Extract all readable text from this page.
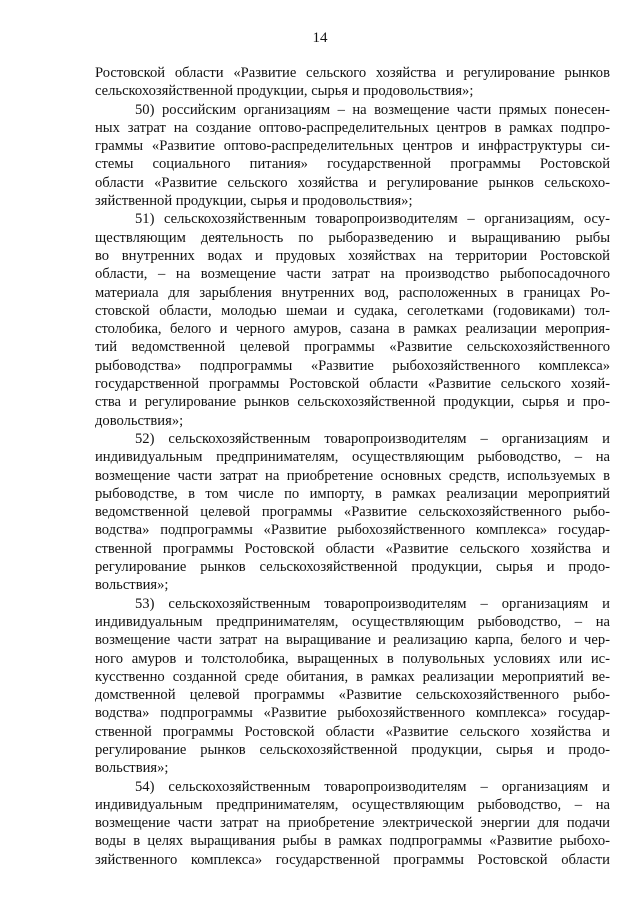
14
Ростовской области «Развитие сельского хозяйства и регулирование рынков
сельскохозяйственной продукции, сырья и продовольствия»;
50) российским организациям – на возмещение части прямых понесен-
ных затрат на создание оптово-распределительных центров в рамках подпро-
граммы «Развитие оптово-распределительных центров и инфраструктуры си-
стемы социального питания» государственной программы Ростовской
области «Развитие сельского хозяйства и регулирование рынков сельскохо-
зяйственной продукции, сырья и продовольствия»;
51) сельскохозяйственным товаропроизводителям – организациям, осу-
ществляющим деятельность по рыборазведению и выращиванию рыбы
во внутренних водах и прудовых хозяйствах на территории Ростовской
области, – на возмещение части затрат на производство рыбопосадочного
материала для зарыбления внутренних вод, расположенных в границах Ро-
стовской области, молодью шемаи и судака, сеголетками (годовиками) тол-
столобика, белого и черного амуров, сазана в рамках реализации мероприя-
тий ведомственной целевой программы «Развитие сельскохозяйственного
рыбоводства» подпрограммы «Развитие рыбохозяйственного комплекса»
государственной программы Ростовской области «Развитие сельского хозяй-
ства и регулирование рынков сельскохозяйственной продукции, сырья и про-
довольствия»;
52) сельскохозяйственным товаропроизводителям – организациям и
индивидуальным предпринимателям, осуществляющим рыбоводство, – на
возмещение части затрат на приобретение основных средств, используемых в
рыбоводстве, в том числе по импорту, в рамках реализации мероприятий
ведомственной целевой программы «Развитие сельскохозяйственного рыбо-
водства» подпрограммы «Развитие рыбохозяйственного комплекса» государ-
ственной программы Ростовской области «Развитие сельского хозяйства и
регулирование рынков сельскохозяйственной продукции, сырья и продо-
вольствия»;
53) сельскохозяйственным товаропроизводителям – организациям и
индивидуальным предпринимателям, осуществляющим рыбоводство, – на
возмещение части затрат на выращивание и реализацию карпа, белого и чер-
ного амуров и толстолобика, выращенных в полувольных условиях или ис-
кусственно созданной среде обитания, в рамках реализации мероприятий ве-
домственной целевой программы «Развитие сельскохозяйственного рыбо-
водства» подпрограммы «Развитие рыбохозяйственного комплекса» государ-
ственной программы Ростовской области «Развитие сельского хозяйства и
регулирование рынков сельскохозяйственной продукции, сырья и продо-
вольствия»;
54) сельскохозяйственным товаропроизводителям – организациям и
индивидуальным предпринимателям, осуществляющим рыбоводство, – на
возмещение части затрат на приобретение электрической энергии для подачи
воды в целях выращивания рыбы в рамках подпрограммы «Развитие рыбохо-
зяйственного комплекса» государственной программы Ростовской области
